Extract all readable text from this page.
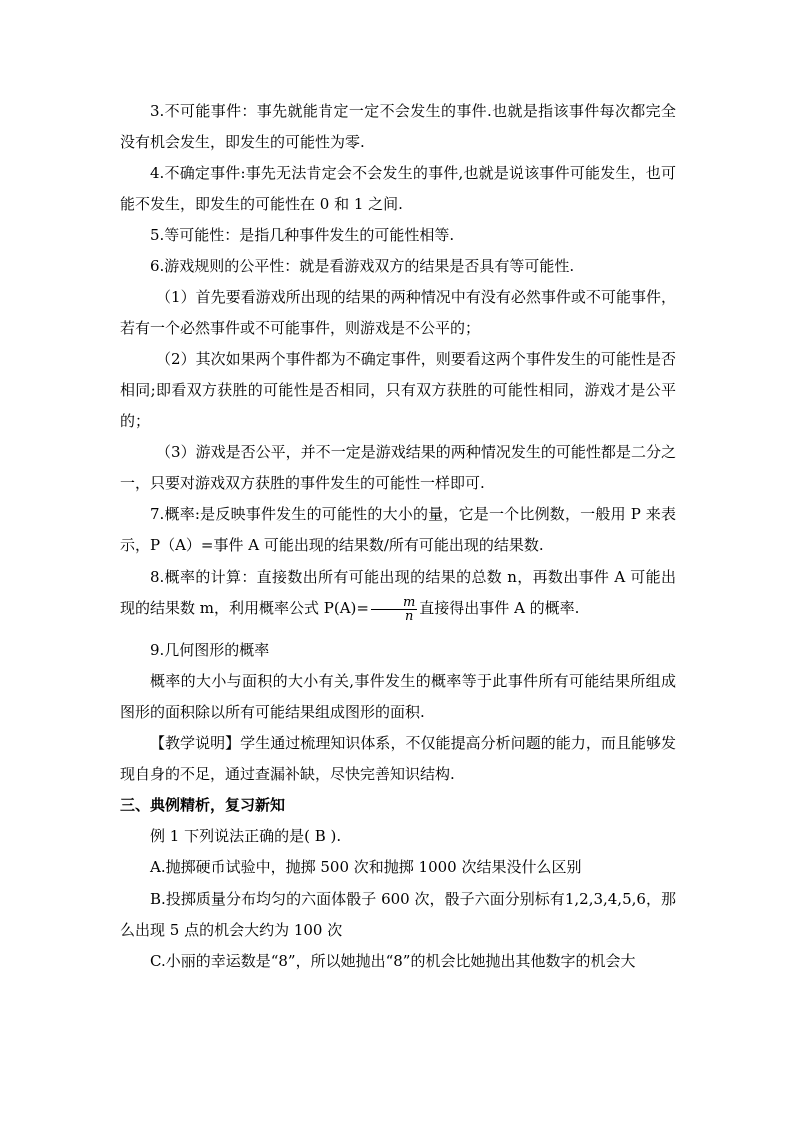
3.不可能事件：事先就能肯定一定不会发生的事件.也就是指该事件每次都完全没有机会发生，即发生的可能性为零.

4.不确定事件:事先无法肯定会不会发生的事件,也就是说该事件可能发生，也可能不发生，即发生的可能性在 0 和 1 之间.

5.等可能性：是指几种事件发生的可能性相等.

6.游戏规则的公平性：就是看游戏双方的结果是否具有等可能性.

（1）首先要看游戏所出现的结果的两种情况中有没有必然事件或不可能事件，若有一个必然事件或不可能事件，则游戏是不公平的；

（2）其次如果两个事件都为不确定事件，则要看这两个事件发生的可能性是否相同;即看双方获胜的可能性是否相同，只有双方获胜的可能性相同，游戏才是公平的；

（3）游戏是否公平，并不一定是游戏结果的两种情况发生的可能性都是二分之一，只要对游戏双方获胜的事件发生的可能性一样即可.

7.概率:是反映事件发生的可能性的大小的量，它是一个比例数，一般用 P 来表示，P（A）=事件 A 可能出现的结果数/所有可能出现的结果数.

8.概率的计算：直接数出所有可能出现的结果的总数 n，再数出事件 A 可能出现的结果数 m，利用概率公式 $P(A)= \frac{m}{n}$ 直接得出事件 A 的概率.

9.几何图形的概率

概率的大小与面积的大小有关,事件发生的概率等于此事件所有可能结果所组成图形的面积除以所有可能结果组成图形的面积.

【教学说明】学生通过梳理知识体系，不仅能提高分析问题的能力，而且能够发现自身的不足，通过查漏补缺，尽快完善知识结构.

三、典例精析，复习新知

例 1 下列说法正确的是( B ).

A.抛掷硬币试验中，抛掷 500 次和抛掷 1000 次结果没什么区别

B.投掷质量分布均匀的六面体骰子 600 次，骰子六面分别标有1,2,3,4,5,6，那么出现 5 点的机会大约为 100 次

C.小丽的幸运数是“8”，所以她抛出“8”的机会比她抛出其他数字的机会大
